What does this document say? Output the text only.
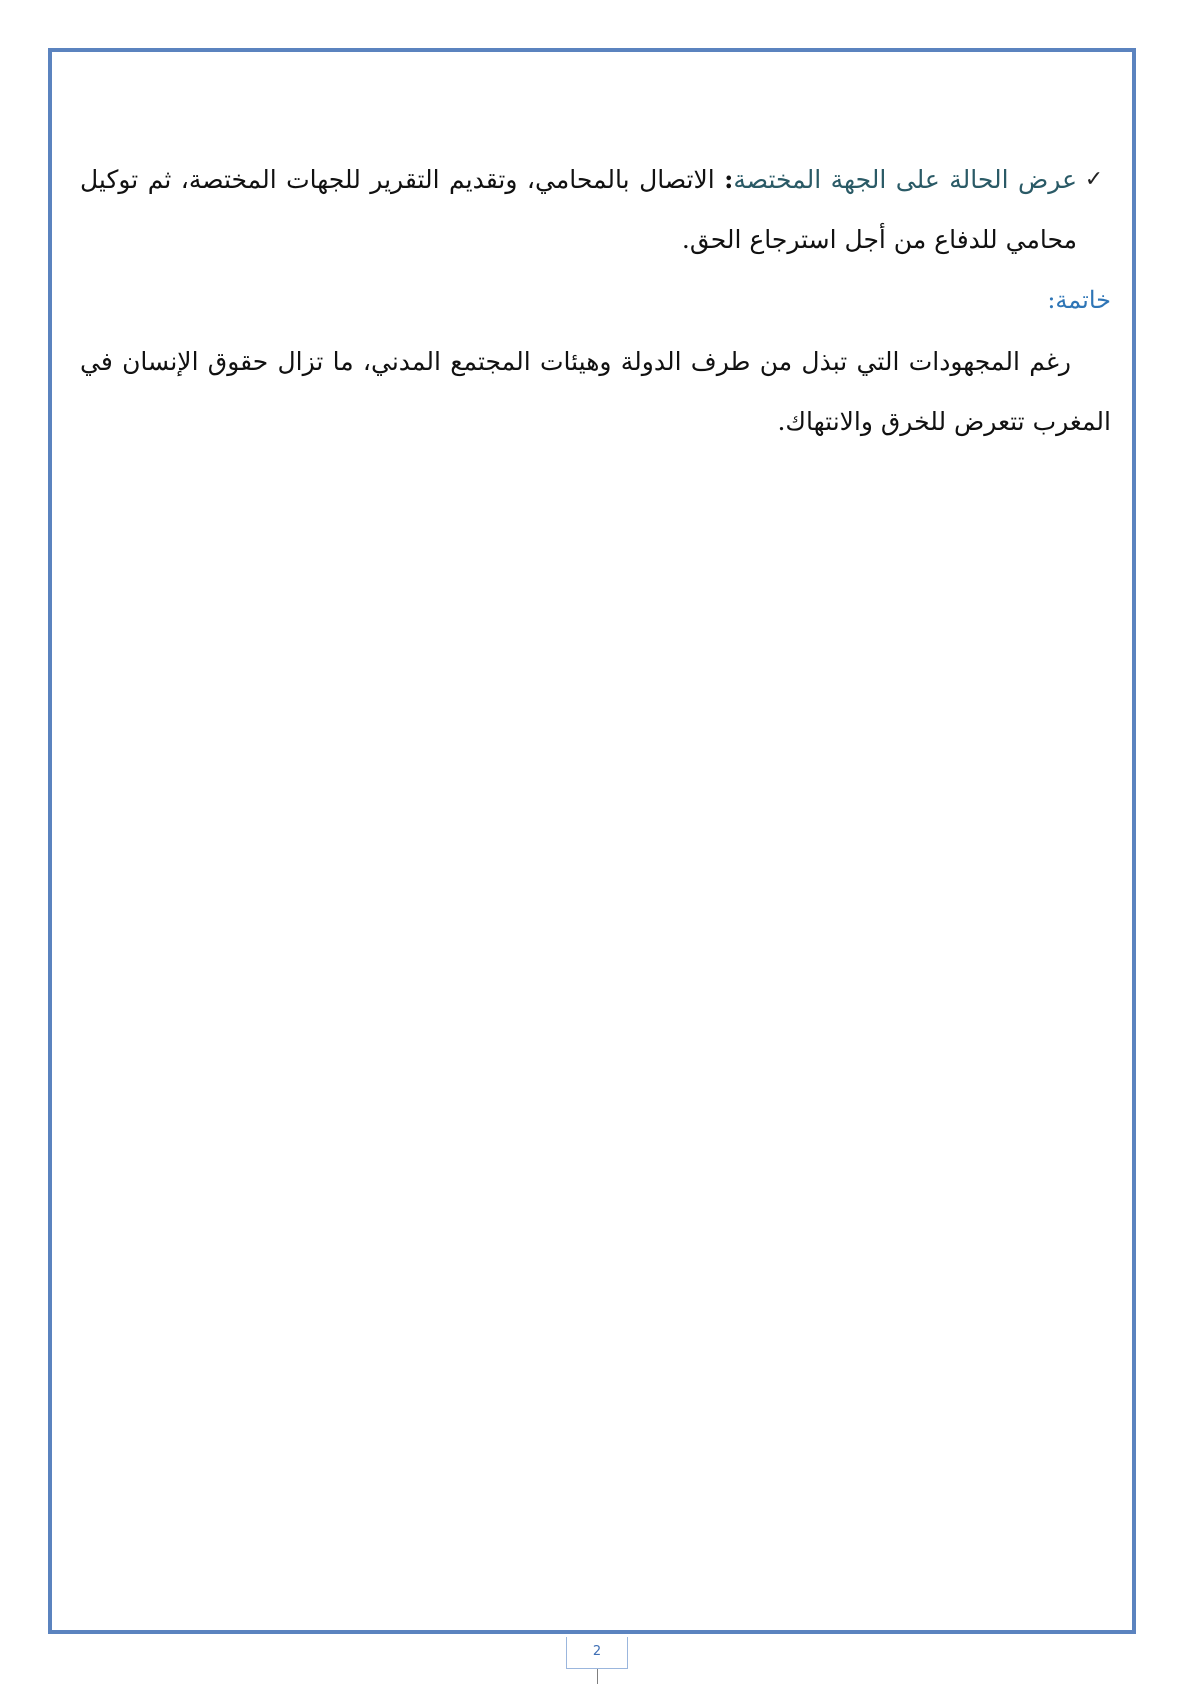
✓
عرض الحالة على الجهة المختصة: الاتصال بالمحامي، وتقديم التقرير للجهات المختصة، ثم توكيل محامي للدفاع من أجل استرجاع الحق.
خاتمة:

رغم المجهودات التي تبذل من طرف الدولة وهيئات المجتمع المدني، ما تزال حقوق الإنسان في المغرب تتعرض للخرق والانتهاك.

2
